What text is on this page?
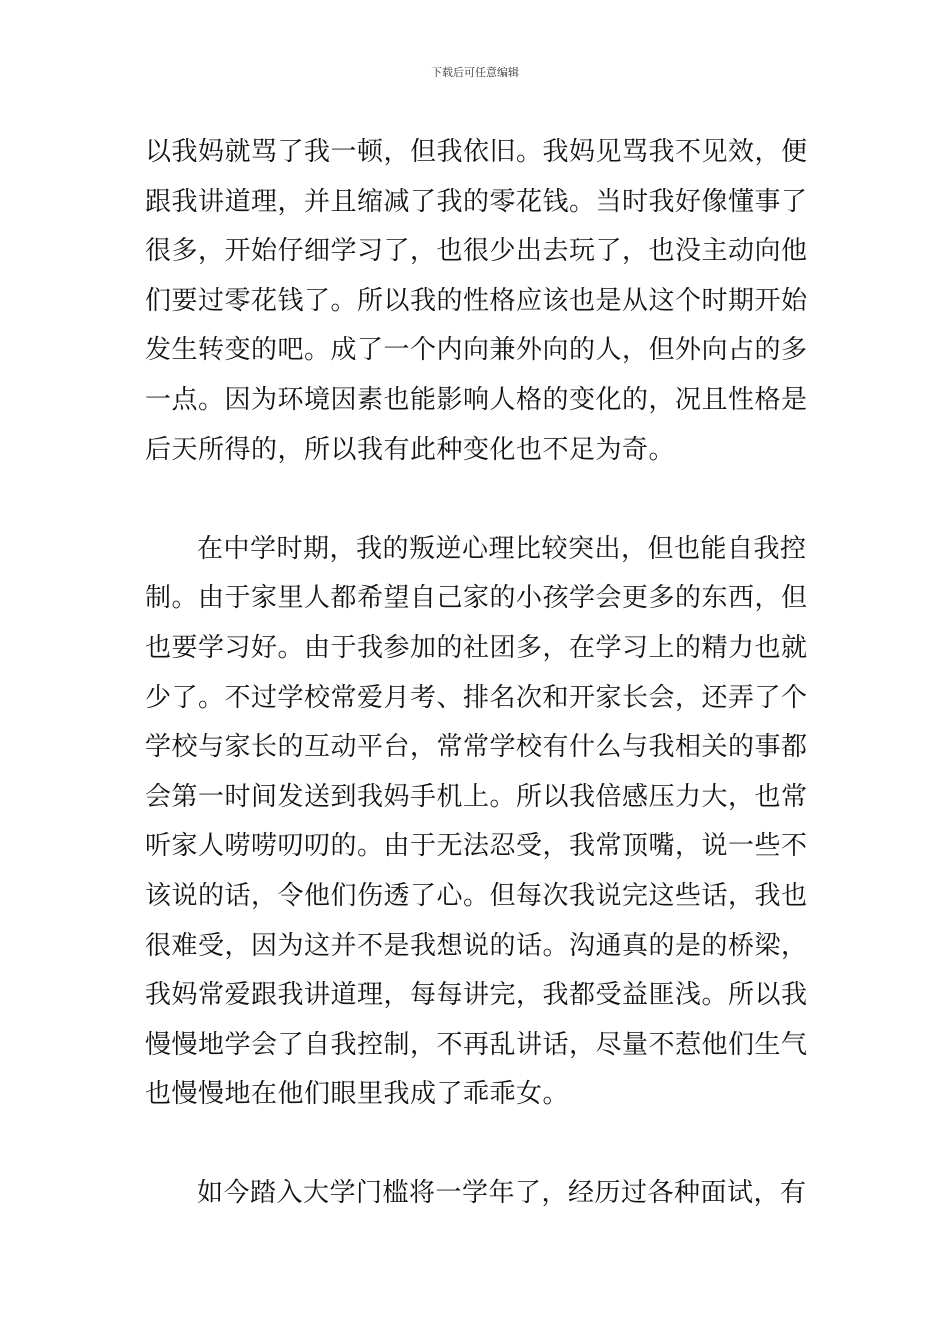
下载后可任意编辑
以我妈就骂了我一顿，但我依旧。我妈见骂我不见效，便
跟我讲道理，并且缩减了我的零花钱。当时我好像懂事了
很多，开始仔细学习了，也很少出去玩了，也没主动向他
们要过零花钱了。所以我的性格应该也是从这个时期开始
发生转变的吧。成了一个内向兼外向的人，但外向占的多
一点。因为环境因素也能影响人格的变化的，况且性格是
后天所得的，所以我有此种变化也不足为奇。
在中学时期，我的叛逆心理比较突出，但也能自我控
制。由于家里人都希望自己家的小孩学会更多的东西，但
也要学习好。由于我参加的社团多，在学习上的精力也就
少了。不过学校常爱月考、排名次和开家长会，还弄了个
学校与家长的互动平台，常常学校有什么与我相关的事都
会第一时间发送到我妈手机上。所以我倍感压力大，也常
听家人唠唠叨叨的。由于无法忍受，我常顶嘴，说一些不
该说的话，令他们伤透了心。但每次我说完这些话，我也
很难受，因为这并不是我想说的话。沟通真的是的桥梁，
我妈常爱跟我讲道理，每每讲完，我都受益匪浅。所以我
慢慢地学会了自我控制，不再乱讲话，尽量不惹他们生气
也慢慢地在他们眼里我成了乖乖女。
如今踏入大学门槛将一学年了，经历过各种面试，有
